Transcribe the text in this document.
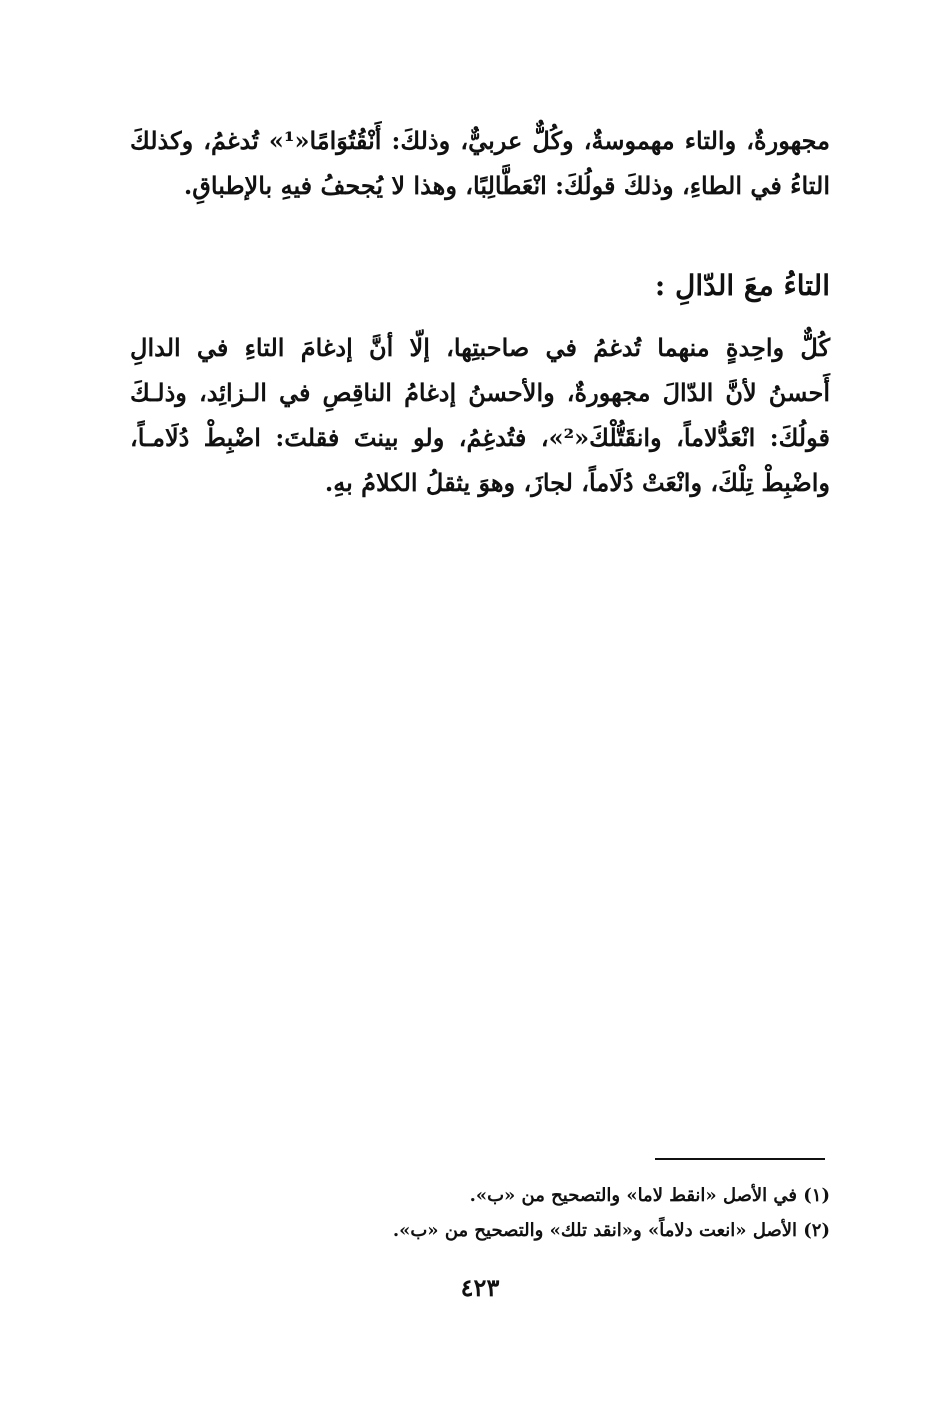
مجهورةٌ، والتاء مهموسةٌ، وكُلٌّ عربيٌّ، وذلكَ: أَنْقُتُوَامًا«¹» تُدغمُ، وكذلكَ
التاءُ في الطاءِ، وذلكَ قولُكَ: انْعَطَّالِبًا، وهذا لا يُجحفُ فيهِ بالإطباقِ.
التاءُ معَ الدّالِ :
كُلٌّ واحِدةٍ منهما تُدغمُ في صاحبتِها، إلّا أنَّ إدغامَ التاءِ في الدالِ
أَحسنُ لأنَّ الدّالَ مجهورةٌ، والأحسنُ إدغامُ الناقِصِ في الـزائِد، وذلـكَ
قولُكَ: انْعَدُّلاماً، وانقَتُّلْكَ«²»، فتُدغِمُ، ولو بينتَ فقلتَ: اضْبِطْ دُلَامـاً،
واضْبِطْ تِلْكَ، وانْعَتْ دُلَاماً، لجازَ، وهوَ يثقلُ الكلامُ بهِ.
(١) في الأصل «انقط لاما» والتصحيح من «ب».
(٢) الأصل «انعت دلاماً» و«انقد تلك» والتصحيح من «ب».
٤٢٣
